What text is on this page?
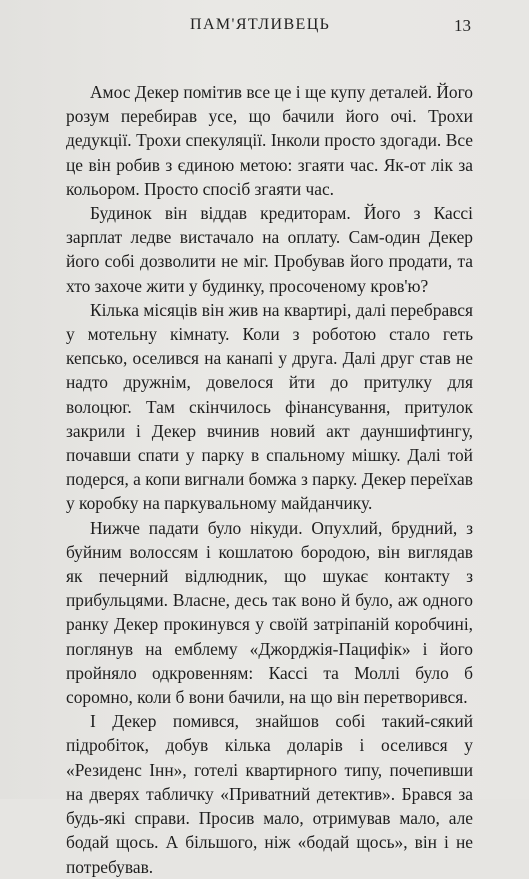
ПАМ'ЯТЛИВЕЦЬ	13

Амос Декер помітив все це і ще купу деталей. Його розум перебирав усе, що бачили його очі. Трохи дедукції. Трохи спекуляції. Інколи просто здогади. Все це він робив з єдиною метою: згаяти час. Як-от лік за кольором. Просто спосіб згаяти час.

Будинок він віддав кредиторам. Його з Кассі зарплат ледве вистачало на оплату. Сам-один Декер його собі дозволити не міг. Пробував його продати, та хто захоче жити у будинку, просоченому кров'ю?

Кілька місяців він жив на квартирі, далі перебрався у мотельну кімнату. Коли з роботою стало геть кепсько, оселився на канапі у друга. Далі друг став не надто дружнім, довелося йти до притулку для волоцюг. Там скінчилось фінансування, притулок закрили і Декер вчинив новий акт дауншифтингу, почавши спати у парку в спальному мішку. Далі той подерся, а копи вигнали бомжа з парку. Декер переїхав у коробку на паркувальному майданчику.

Нижче падати було нікуди. Опухлий, брудний, з буйним волоссям і кошлатою бородою, він виглядав як печерний відлюдник, що шукає контакту з прибульцями. Власне, десь так воно й було, аж одного ранку Декер прокинувся у своїй затріпаній коробчині, поглянув на емблему «Джорджія-Пацифік» і його пройняло одкровенням: Кассі та Моллі було б соромно, коли б вони бачили, на що він перетворився.

І Декер помився, знайшов собі такий-сякий підробіток, добув кілька доларів і оселився у «Резиденс Інн», готелі квартирного типу, почепивши на дверях табличку «Приватний детектив». Брався за будь-які справи. Просив мало, отримував мало, але бодай щось. А більшого, ніж «бодай щось», він і не потребував.
